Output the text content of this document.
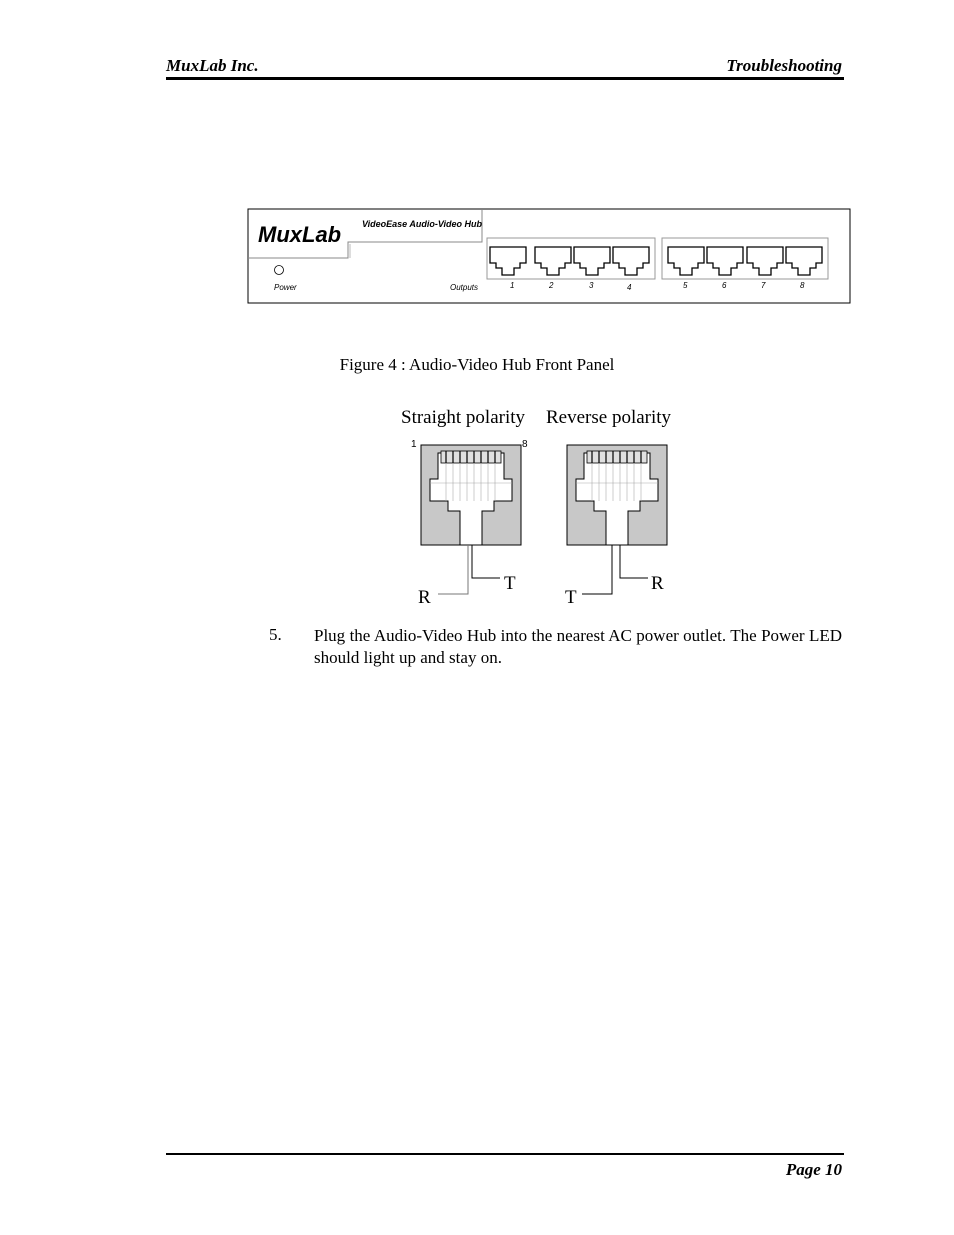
MuxLab Inc.	Troubleshooting
MuxLab VideoEase Audio-Video Hub
Power	Outputs	1	2	3	4	5	6	7	8
Figure 4 : Audio-Video Hub Front Panel
Straight polarity Reverse polarity
1	8
R
T
T
R
5. Plug the Audio-Video Hub into the nearest AC power outlet. The Power LED should light up and stay on.
Page 10
